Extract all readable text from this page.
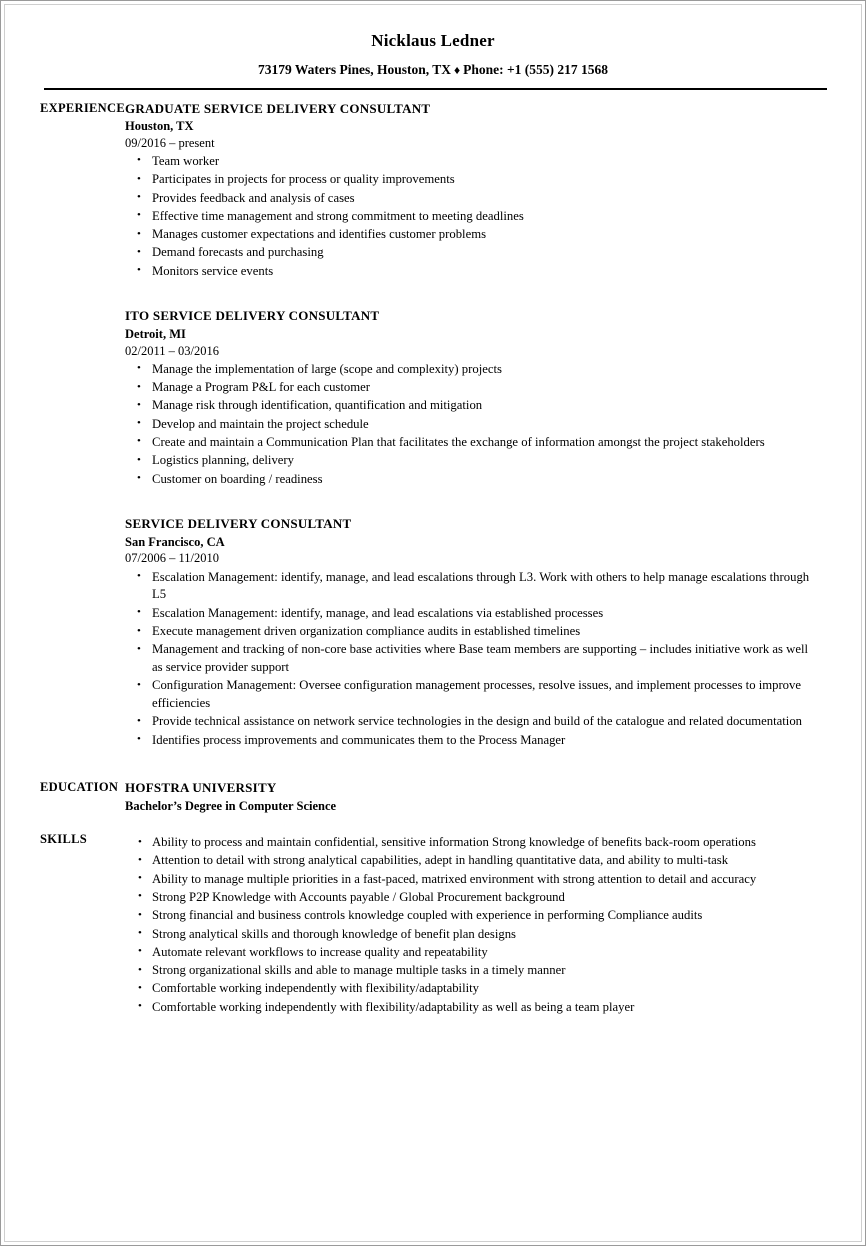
Nicklaus Ledner
73179 Waters Pines, Houston, TX ♦ Phone: +1 (555) 217 1568
EXPERIENCE GRADUATE SERVICE DELIVERY CONSULTANT
Houston, TX
09/2016 – present
• Team worker
• Participates in projects for process or quality improvements
• Provides feedback and analysis of cases
• Effective time management and strong commitment to meeting deadlines
• Manages customer expectations and identifies customer problems
• Demand forecasts and purchasing
• Monitors service events
ITO SERVICE DELIVERY CONSULTANT
Detroit, MI
02/2011 – 03/2016
• Manage the implementation of large (scope and complexity) projects
• Manage a Program P&L for each customer
• Manage risk through identification, quantification and mitigation
• Develop and maintain the project schedule
• Create and maintain a Communication Plan that facilitates the exchange of information amongst the project stakeholders
• Logistics planning, delivery
• Customer on boarding / readiness
SERVICE DELIVERY CONSULTANT
San Francisco, CA
07/2006 – 11/2010
• Escalation Management: identify, manage, and lead escalations through L3. Work with others to help manage escalations through L5
• Escalation Management: identify, manage, and lead escalations via established processes
• Execute management driven organization compliance audits in established timelines
• Management and tracking of non-core base activities where Base team members are supporting – includes initiative work as well as service provider support
• Configuration Management: Oversee configuration management processes, resolve issues, and implement processes to improve efficiencies
• Provide technical assistance on network service technologies in the design and build of the catalogue and related documentation
• Identifies process improvements and communicates them to the Process Manager
EDUCATION HOFSTRA UNIVERSITY
Bachelor’s Degree in Computer Science
SKILLS	• Ability to process and maintain confidential, sensitive information Strong knowledge of benefits back-room operations
• Attention to detail with strong analytical capabilities, adept in handling quantitative data, and ability to multi-task
• Ability to manage multiple priorities in a fast-paced, matrixed environment with strong attention to detail and accuracy
• Strong P2P Knowledge with Accounts payable / Global Procurement background
• Strong financial and business controls knowledge coupled with experience in performing Compliance audits
• Strong analytical skills and thorough knowledge of benefit plan designs
• Automate relevant workflows to increase quality and repeatability
• Strong organizational skills and able to manage multiple tasks in a timely manner
• Comfortable working independently with flexibility/adaptability
• Comfortable working independently with flexibility/adaptability as well as being a team player
